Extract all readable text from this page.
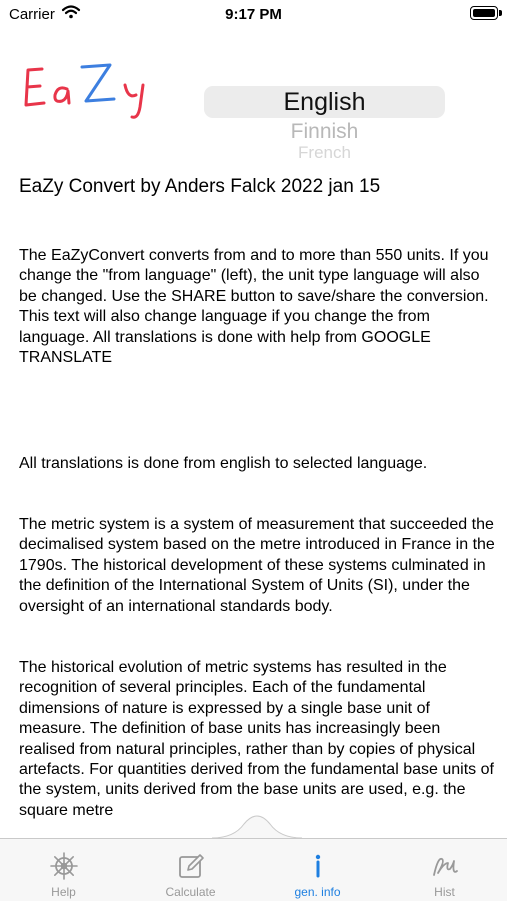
Carrier	9:17 PM
English
Finnish
French
EaZy Convert by Anders Falck 2022 jan 15
The EaZyConvert converts from and to more than 550 units. If you change the "from language" (left), the unit type language will also be changed. Use the SHARE button to save/share the conversion. This text will also change language if you change the from language. All translations is done with help from GOOGLE TRANSLATE
All translations is done from english to selected language.
The metric system is a system of measurement that succeeded the decimalised system based on the metre introduced in France in the 1790s. The historical development of these systems culminated in the definition of the International System of Units (SI), under the oversight of an international standards body.
The historical evolution of metric systems has resulted in the recognition of several principles. Each of the fundamental dimensions of nature is expressed by a single base unit of measure. The definition of base units has increasingly been realised from natural principles, rather than by copies of physical artefacts. For quantities derived from the fundamental base units of the system, units derived from the base units are used, e.g. the square metre
Help	Calculate	gen. info	Hist
